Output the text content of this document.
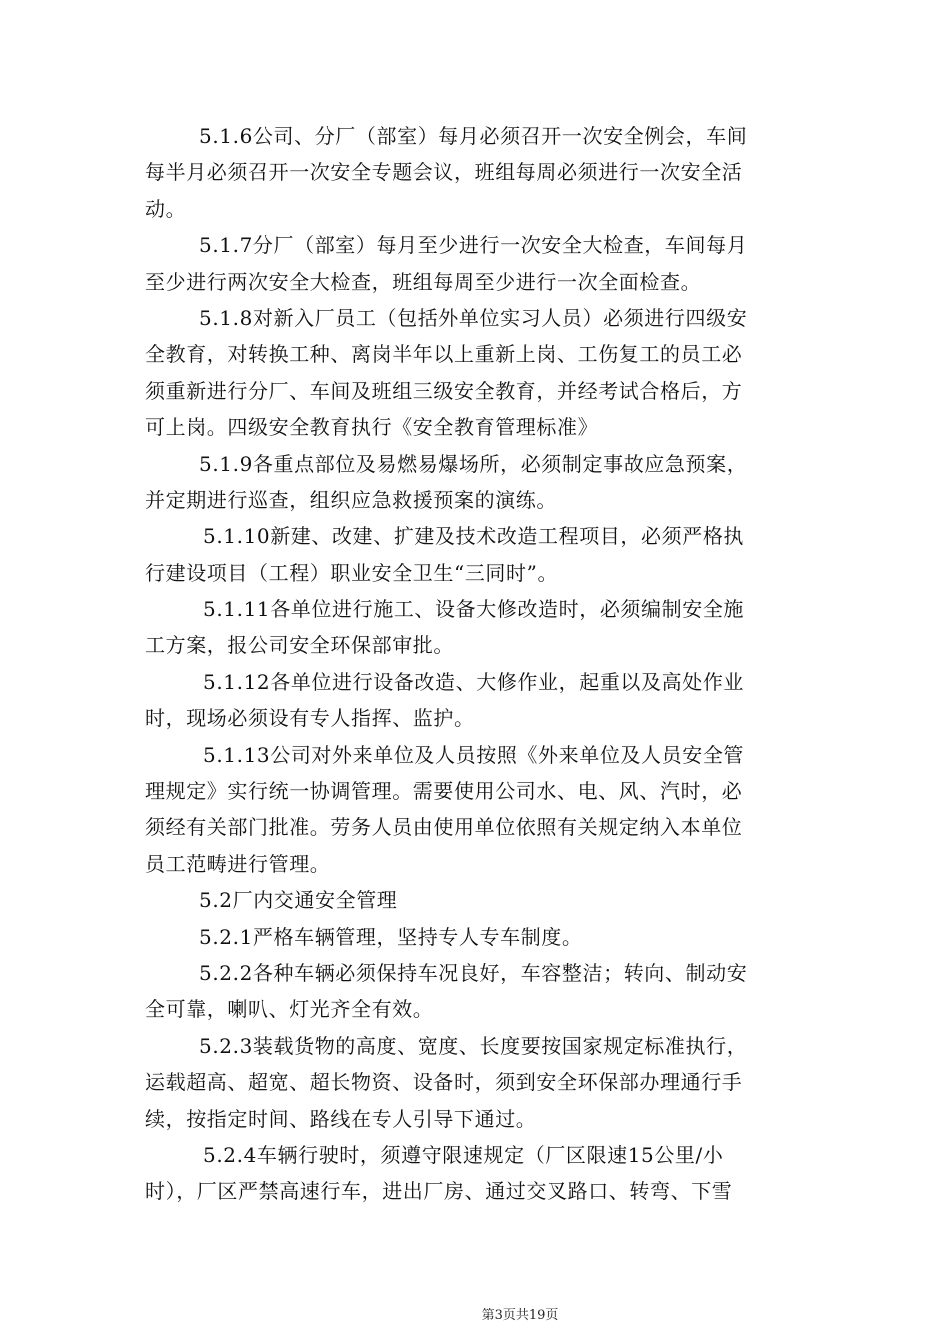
5.1.6公司、分厂（部室）每月必须召开一次安全例会，车间
每半月必须召开一次安全专题会议，班组每周必须进行一次安全活
动。
5.1.7分厂（部室）每月至少进行一次安全大检查，车间每月
至少进行两次安全大检查，班组每周至少进行一次全面检查。
5.1.8对新入厂员工（包括外单位实习人员）必须进行四级安
全教育，对转换工种、离岗半年以上重新上岗、工伤复工的员工必
须重新进行分厂、车间及班组三级安全教育，并经考试合格后，方
可上岗。四级安全教育执行《安全教育管理标准》
5.1.9各重点部位及易燃易爆场所，必须制定事故应急预案，
并定期进行巡查，组织应急救援预案的演练。
5.1.10新建、改建、扩建及技术改造工程项目，必须严格执
行建设项目（工程）职业安全卫生“三同时”。
5.1.11各单位进行施工、设备大修改造时，必须编制安全施
工方案，报公司安全环保部审批。
5.1.12各单位进行设备改造、大修作业，起重以及高处作业
时，现场必须设有专人指挥、监护。
5.1.13公司对外来单位及人员按照《外来单位及人员安全管
理规定》实行统一协调管理。需要使用公司水、电、风、汽时，必
须经有关部门批准。劳务人员由使用单位依照有关规定纳入本单位
员工范畴进行管理。
5.2厂内交通安全管理
5.2.1严格车辆管理，坚持专人专车制度。
5.2.2各种车辆必须保持车况良好，车容整洁；转向、制动安
全可靠，喇叭、灯光齐全有效。
5.2.3装载货物的高度、宽度、长度要按国家规定标准执行，
运载超高、超宽、超长物资、设备时，须到安全环保部办理通行手
续，按指定时间、路线在专人引导下通过。
5.2.4车辆行驶时，须遵守限速规定（厂区限速15公里/小
时），厂区严禁高速行车，进出厂房、通过交叉路口、转弯、下雪
第3页共19页
